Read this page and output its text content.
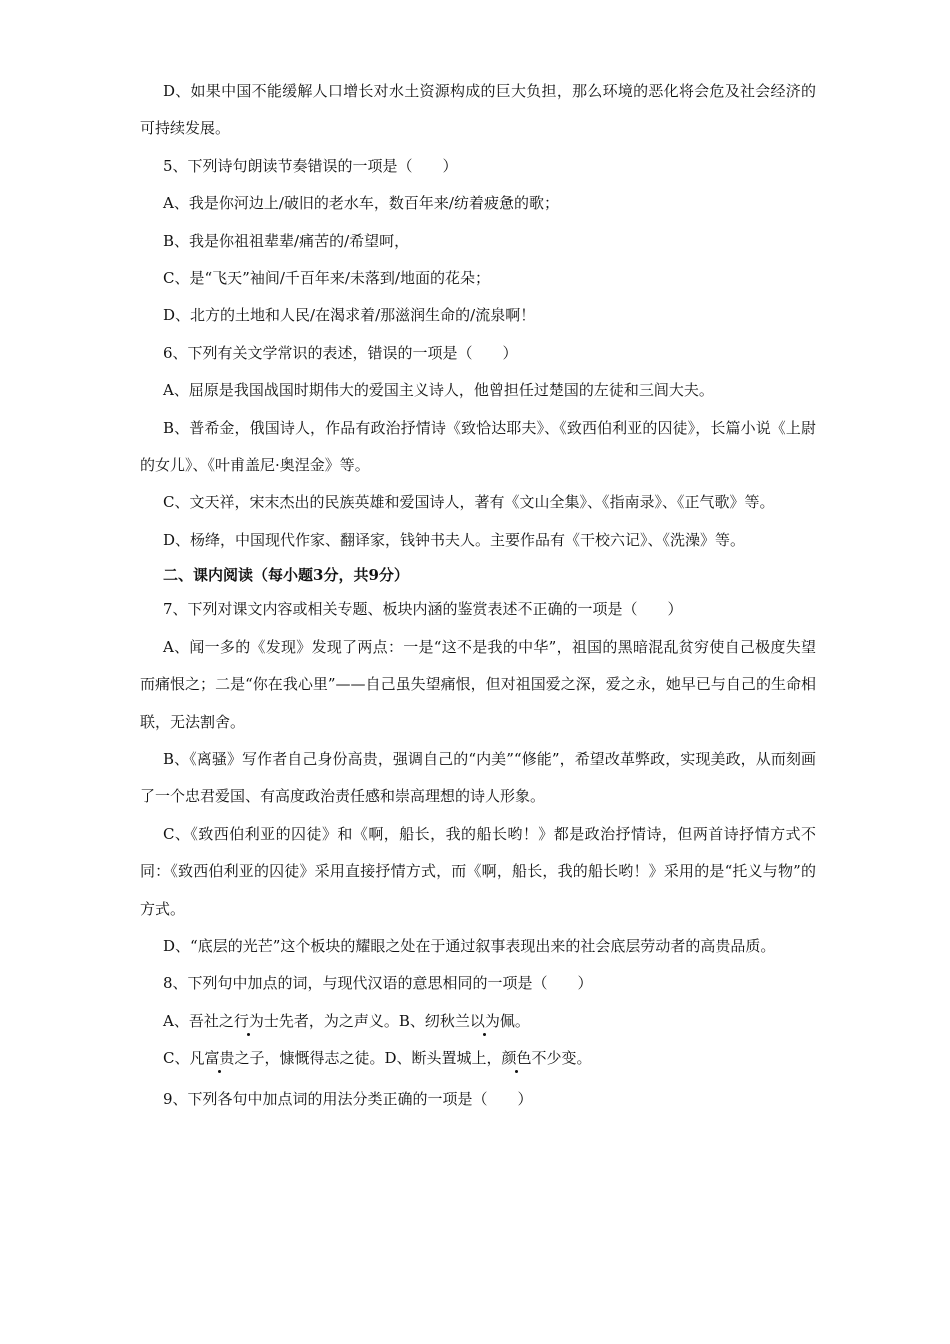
D、如果中国不能缓解人口增长对水土资源构成的巨大负担，那么环境的恶化将会危及社会经济的可持续发展。

5、下列诗句朗读节奏错误的一项是（　　）

A、我是你河边上/破旧的老水车，数百年来/纺着疲惫的歌；

B、我是你祖祖辈辈/痛苦的/希望呵，

C、是“飞天”袖间/千百年来/未落到/地面的花朵；

D、北方的土地和人民/在渴求着/那滋润生命的/流泉啊！

6、下列有关文学常识的表述，错误的一项是（　　）

A、屈原是我国战国时期伟大的爱国主义诗人，他曾担任过楚国的左徒和三闾大夫。

B、普希金，俄国诗人，作品有政治抒情诗《致恰达耶夫》、《致西伯利亚的囚徒》，长篇小说《上尉的女儿》、《叶甫盖尼·奥涅金》等。

C、文天祥，宋末杰出的民族英雄和爱国诗人，著有《文山全集》、《指南录》、《正气歌》等。

D、杨绛，中国现代作家、翻译家，钱钟书夫人。主要作品有《干校六记》、《洗澡》等。

二、课内阅读（每小题3分，共9分）

7、下列对课文内容或相关专题、板块内涵的鉴赏表述不正确的一项是（　　）

A、闻一多的《发现》发现了两点：一是“这不是我的中华”，祖国的黑暗混乱贫穷使自己极度失望而痛恨之；二是“你在我心里”——自己虽失望痛恨，但对祖国爱之深，爱之永，她早已与自己的生命相联，无法割舍。

B、《离骚》写作者自己身份高贵，强调自己的“内美”“修能”，希望改革弊政，实现美政，从而刻画了一个忠君爱国、有高度政治责任感和崇高理想的诗人形象。

C、《致西伯利亚的囚徒》和《啊，船长，我的船长哟！》都是政治抒情诗，但两首诗抒情方式不同：《致西伯利亚的囚徒》采用直接抒情方式，而《啊，船长，我的船长哟！》采用的是“托义与物”的方式。

D、“底层的光芒”这个板块的耀眼之处在于通过叙事表现出来的社会底层劳动者的高贵品质。

8、下列句中加点的词，与现代汉语的意思相同的一项是（　　）

A、吾社之行为士先者，为之声义。B、纫秋兰以为佩。

C、凡富贵之子，慷慨得志之徒。D、断头置城上，颜色不少变。

9、下列各句中加点词的用法分类正确的一项是（　　）
